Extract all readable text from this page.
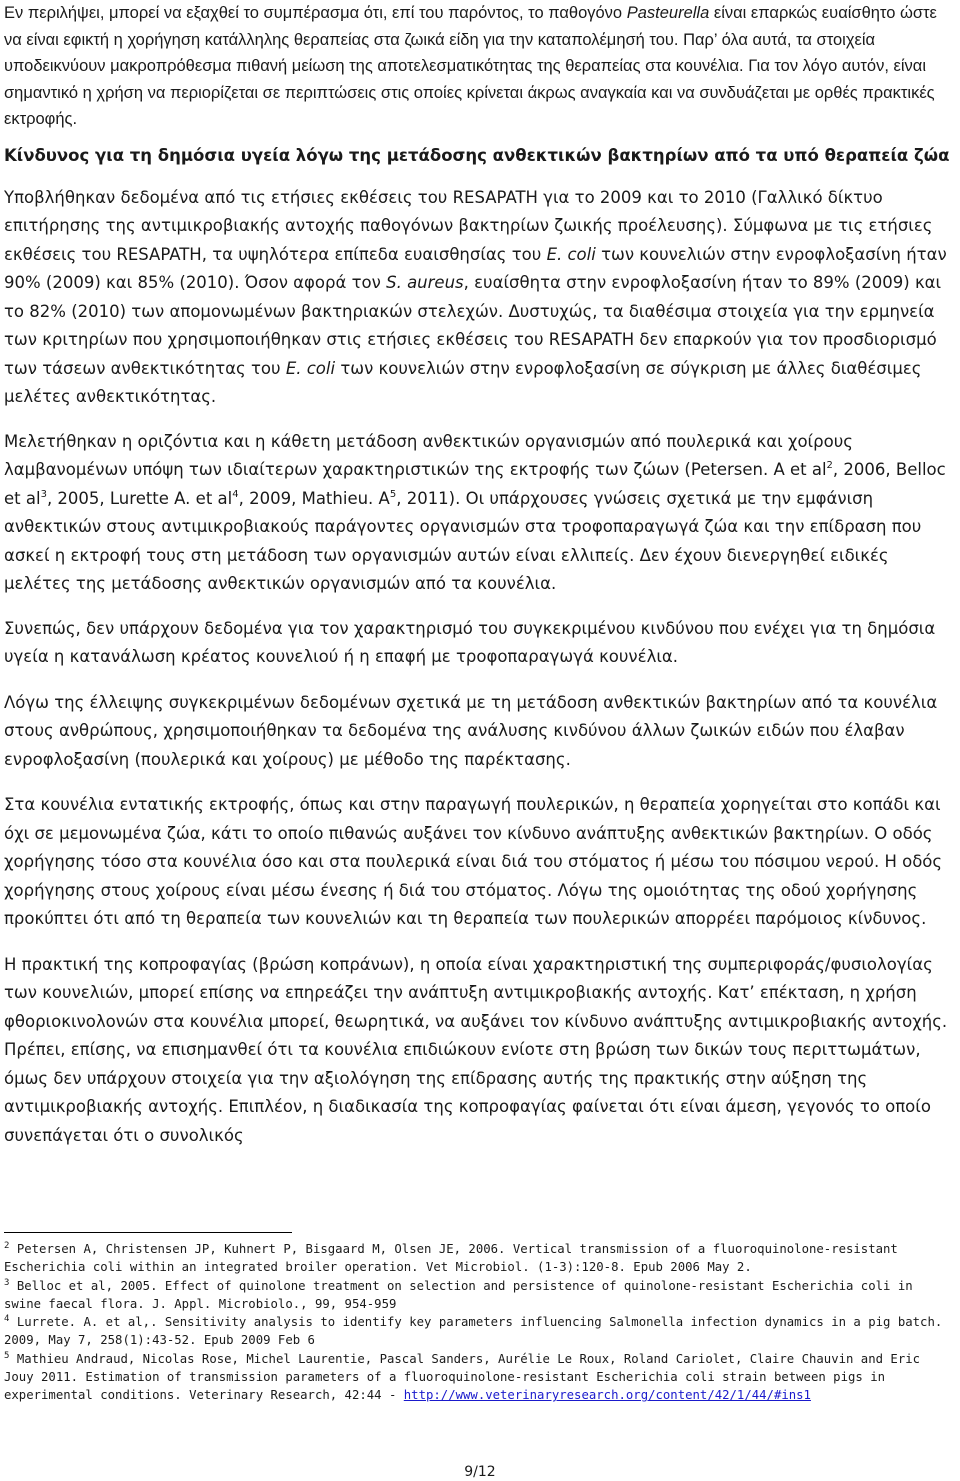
Εν περιλήψει, μπορεί να εξαχθεί το συμπέρασμα ότι, επί του παρόντος, το παθογόνο Pasteurella είναι επαρκώς ευαίσθητο ώστε να είναι εφικτή η χορήγηση κατάλληλης θεραπείας στα ζωικά είδη για την καταπολέμησή του. Παρ’ όλα αυτά, τα στοιχεία υποδεικνύουν μακροπρόθεσμα πιθανή μείωση της αποτελεσματικότητας της θεραπείας στα κουνέλια. Για τον λόγο αυτόν, είναι σημαντικό η χρήση να περιορίζεται σε περιπτώσεις στις οποίες κρίνεται άκρως αναγκαία και να συνδυάζεται με ορθές πρακτικές εκτροφής.

Κίνδυνος για τη δημόσια υγεία λόγω της μετάδοσης ανθεκτικών βακτηρίων από τα υπό θεραπεία ζώα

Υποβλήθηκαν δεδομένα από τις ετήσιες εκθέσεις του RESAPATH για το 2009 και το 2010 (Γαλλικό δίκτυο επιτήρησης της αντιμικροβιακής αντοχής παθογόνων βακτηρίων ζωικής προέλευσης). Σύμφωνα με τις ετήσιες εκθέσεις του RESAPATH, τα υψηλότερα επίπεδα ευαισθησίας του E. coli των κουνελιών στην ενροφλοξασίνη ήταν 90% (2009) και 85% (2010). Όσον αφορά τον S. aureus, ευαίσθητα στην ενροφλοξασίνη ήταν το 89% (2009) και το 82% (2010) των απομονωμένων βακτηριακών στελεχών. Δυστυχώς, τα διαθέσιμα στοιχεία για την ερμηνεία των κριτηρίων που χρησιμοποιήθηκαν στις ετήσιες εκθέσεις του RESAPATH δεν επαρκούν για τον προσδιορισμό των τάσεων ανθεκτικότητας του E. coli των κουνελιών στην ενροφλοξασίνη σε σύγκριση με άλλες διαθέσιμες μελέτες ανθεκτικότητας.

Μελετήθηκαν η οριζόντια και η κάθετη μετάδοση ανθεκτικών οργανισμών από πουλερικά και χοίρους λαμβανομένων υπόψη των ιδιαίτερων χαρακτηριστικών της εκτροφής των ζώων (Petersen. A et $al^2$, 2006, Belloc et $al^3$, 2005, Lurette A. et $al^4$, 2009, Mathieu. $A^5$, 2011). Οι υπάρχουσες γνώσεις σχετικά με την εμφάνιση ανθεκτικών στους αντιμικροβιακούς παράγοντες οργανισμών στα τροφοπαραγωγά ζώα και την επίδραση που ασκεί η εκτροφή τους στη μετάδοση των οργανισμών αυτών είναι ελλιπείς. Δεν έχουν διενεργηθεί ειδικές μελέτες της μετάδοσης ανθεκτικών οργανισμών από τα κουνέλια.

Συνεπώς, δεν υπάρχουν δεδομένα για τον χαρακτηρισμό του συγκεκριμένου κινδύνου που ενέχει για τη δημόσια υγεία η κατανάλωση κρέατος κουνελιού ή η επαφή με τροφοπαραγωγά κουνέλια.

Λόγω της έλλειψης συγκεκριμένων δεδομένων σχετικά με τη μετάδοση ανθεκτικών βακτηρίων από τα κουνέλια στους ανθρώπους, χρησιμοποιήθηκαν τα δεδομένα της ανάλυσης κινδύνου άλλων ζωικών ειδών που έλαβαν ενροφλοξασίνη (πουλερικά και χοίρους) με μέθοδο της παρέκτασης.

Στα κουνέλια εντατικής εκτροφής, όπως και στην παραγωγή πουλερικών, η θεραπεία χορηγείται στο κοπάδι και όχι σε μεμονωμένα ζώα, κάτι το οποίο πιθανώς αυξάνει τον κίνδυνο ανάπτυξης ανθεκτικών βακτηρίων. Ο οδός χορήγησης τόσο στα κουνέλια όσο και στα πουλερικά είναι διά του στόματος ή μέσω του πόσιμου νερού. Η οδός χορήγησης στους χοίρους είναι μέσω ένεσης ή διά του στόματος. Λόγω της ομοιότητας της οδού χορήγησης προκύπτει ότι από τη θεραπεία των κουνελιών και τη θεραπεία των πουλερικών απορρέει παρόμοιος κίνδυνος.

Η πρακτική της κοπροφαγίας (βρώση κοπράνων), η οποία είναι χαρακτηριστική της συμπεριφοράς/φυσιολογίας των κουνελιών, μπορεί επίσης να επηρεάζει την ανάπτυξη αντιμικροβιακής αντοχής. Κατ’ επέκταση, η χρήση φθοριοκινολονών στα κουνέλια μπορεί, θεωρητικά, να αυξάνει τον κίνδυνο ανάπτυξης αντιμικροβιακής αντοχής. Πρέπει, επίσης, να επισημανθεί ότι τα κουνέλια επιδιώκουν ενίοτε στη βρώση των δικών τους περιττωμάτων, όμως δεν υπάρχουν στοιχεία για την αξιολόγηση της επίδρασης αυτής της πρακτικής στην αύξηση της αντιμικροβιακής αντοχής. Επιπλέον, η διαδικασία της κοπροφαγίας φαίνεται ότι είναι άμεση, γεγονός το οποίο συνεπάγεται ότι ο συνολικός

$^2$ Petersen A, Christensen JP, Kuhnert P, Bisgaard M, Olsen JE, 2006. Vertical transmission of a fluoroquinolone-resistant Escherichia coli within an integrated broiler operation. Vet Microbiol. (1-3):120-8. Epub 2006 May 2.

$^3$ Belloc et al, 2005. Effect of quinolone treatment on selection and persistence of quinolone-resistant Escherichia coli in swine faecal flora. J. Appl. Microbiolo., 99, 954-959

$^4$ Lurrete. A. et al,. Sensitivity analysis to identify key parameters influencing Salmonella infection dynamics in a pig batch. 2009, May 7, 258(1):43-52. Epub 2009 Feb 6

$^5$ Mathieu Andraud, Nicolas Rose, Michel Laurentie, Pascal Sanders, Aurélie Le Roux, Roland Cariolet, Claire Chauvin and Eric Jouy 2011. Estimation of transmission parameters of a fluoroquinolone-resistant Escherichia coli strain between pigs in experimental conditions. Veterinary Research, 42:44 - http://www.veterinaryresearch.org/content/42/1/44/#ins1

9/12
